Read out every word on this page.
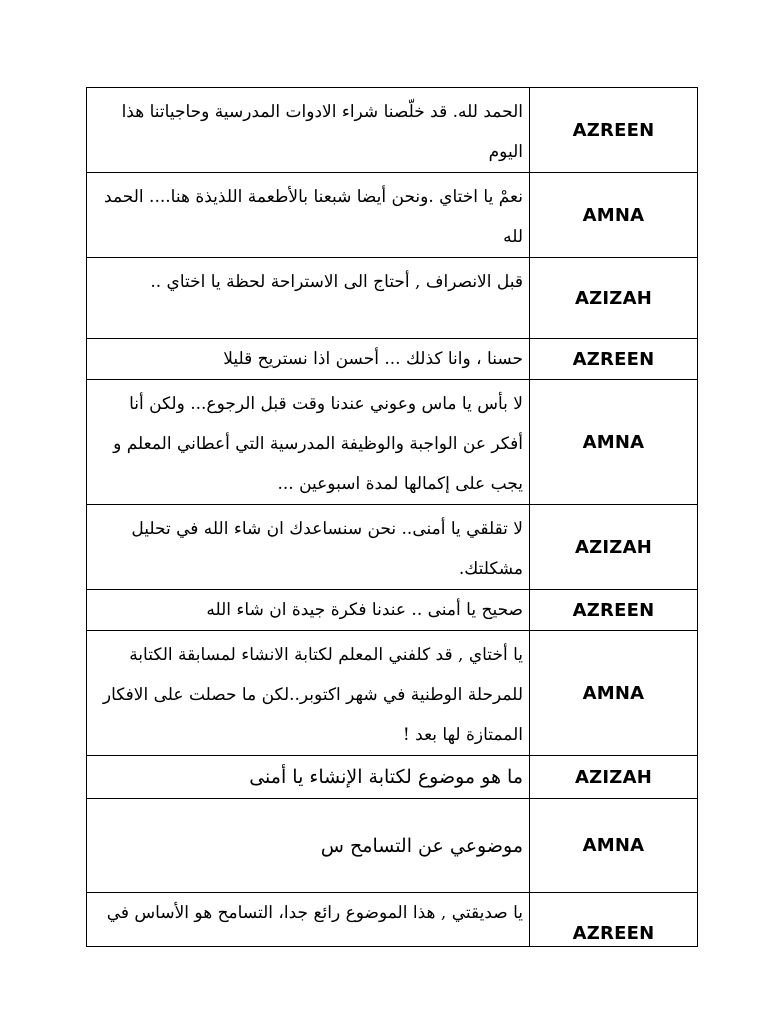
الحمد لله. قد خلّصنا شراء الادوات المدرسية وحاجياتنا هذا اليوم	AZREEN
نعمْ يا اختاي .ونحن أيضا شبعنا بالأطعمة اللذيذة هنا.... الحمد لله	AMNA
قبل الانصراف , أحتاج الى الاستراحة لحظة يا اختاي ..	AZIZAH
حسنا ، وانا كذلك ... أحسن اذا نستريح قليلا	AZREEN
لا بأس يا ماس وعوني عندنا وقت قبل الرجوع... ولكن أنا أفكر عن الواجبة والوظيفة المدرسية التي أعطاني المعلم و يجب على إكمالها لمدة اسبوعين ...	AMNA
لا تقلقي يا أمنى.. نحن سنساعدك ان شاء الله في تحليل مشكلتك.	AZIZAH
صحيح يا أمنى .. عندنا فكرة جيدة ان شاء الله	AZREEN
يا أختاي , قد كلفني المعلم لكتابة الانشاء لمسابقة الكتابة للمرحلة الوطنية في شهر اكتوبر..لكن ما حصلت على الافكار الممتازة لها بعد !	AMNA
ما هو موضوع لكتابة الإنشاء يا أمنى	AZIZAH
موضوعي عن التسامح س	AMNA
يا صديقتي , هذا الموضوع رائع جدا، التسامح هو الأساس في	AZREEN
